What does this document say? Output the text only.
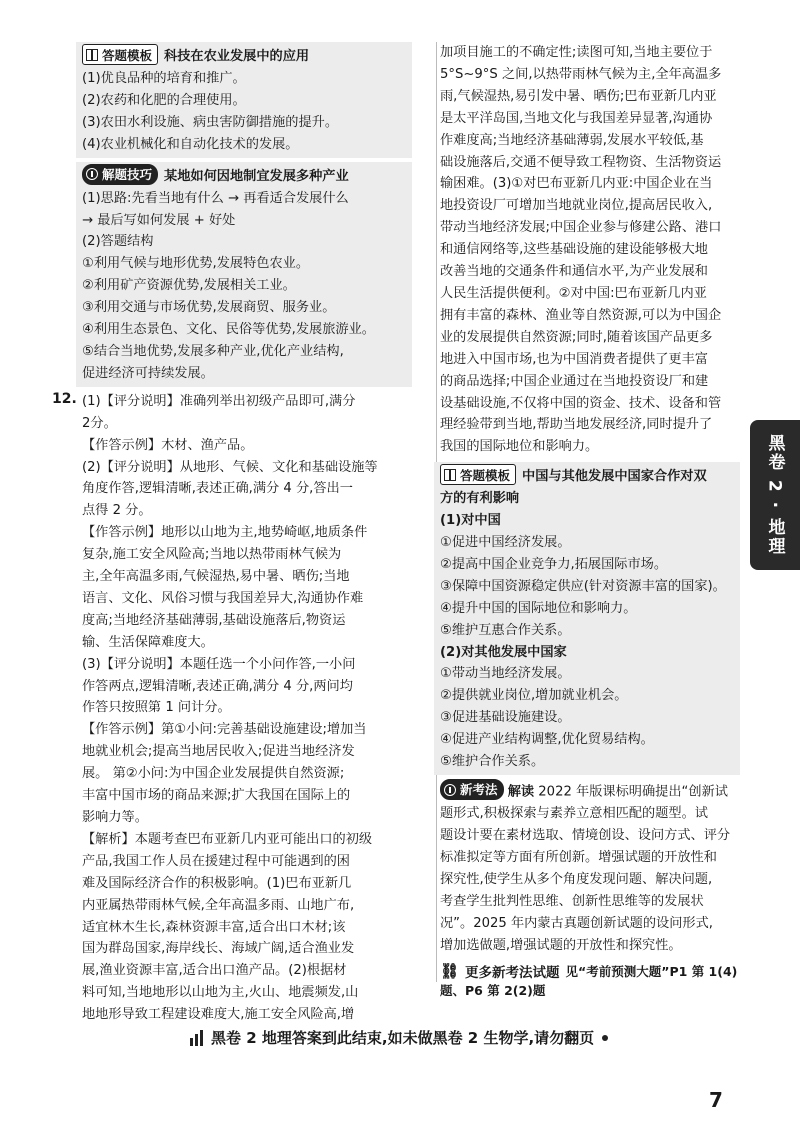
答题模板 科技在农业发展中的应用
(1)优良品种的培育和推广。
(2)农药和化肥的合理使用。
(3)农田水利设施、病虫害防御措施的提升。
(4)农业机械化和自动化技术的发展。
解题技巧 某地如何因地制宜发展多种产业
(1)思路:先看当地有什么 → 再看适合发展什么
→ 最后写如何发展 + 好处
(2)答题结构
①利用气候与地形优势,发展特色农业。
②利用矿产资源优势,发展相关工业。
③利用交通与市场优势,发展商贸、服务业。
④利用生态景色、文化、民俗等优势,发展旅游业。
⑤结合当地优势,发展多种产业,优化产业结构,
促进经济可持续发展。
12. (1)【评分说明】准确列举出初级产品即可,满分
2分。
【作答示例】木材、渔产品。
(2)【评分说明】从地形、气候、文化和基础设施等
角度作答,逻辑清晰,表述正确,满分 4 分,答出一
点得 2 分。
【作答示例】地形以山地为主,地势崎岖,地质条件
复杂,施工安全风险高;当地以热带雨林气候为
主,全年高温多雨,气候湿热,易中暑、晒伤;当地
语言、文化、风俗习惯与我国差异大,沟通协作难
度高;当地经济基础薄弱,基础设施落后,物资运
输、生活保障难度大。
(3)【评分说明】本题任选一个小问作答,一小问
作答两点,逻辑清晰,表述正确,满分 4 分,两问均
作答只按照第 1 问计分。
【作答示例】第①小问:完善基础设施建设;增加当
地就业机会;提高当地居民收入;促进当地经济发
展。 第②小问:为中国企业发展提供自然资源;
丰富中国市场的商品来源;扩大我国在国际上的
影响力等。
【解析】本题考查巴布亚新几内亚可能出口的初级
产品,我国工作人员在援建过程中可能遇到的困
难及国际经济合作的积极影响。(1)巴布亚新几
内亚属热带雨林气候,全年高温多雨、山地广布,
适宜林木生长,森林资源丰富,适合出口木材;该
国为群岛国家,海岸线长、海域广阔,适合渔业发
展,渔业资源丰富,适合出口渔产品。(2)根据材
料可知,当地地形以山地为主,火山、地震频发,山
地地形导致工程建设难度大,施工安全风险高,增
加项目施工的不确定性;读图可知,当地主要位于
5°S~9°S 之间,以热带雨林气候为主,全年高温多
雨,气候湿热,易引发中暑、晒伤;巴布亚新几内亚
是太平洋岛国,当地文化与我国差异显著,沟通协
作难度高;当地经济基础薄弱,发展水平较低,基
础设施落后,交通不便导致工程物资、生活物资运
输困难。(3)①对巴布亚新几内亚:中国企业在当
地投资设厂可增加当地就业岗位,提高居民收入,
带动当地经济发展;中国企业参与修建公路、港口
和通信网络等,这些基础设施的建设能够极大地
改善当地的交通条件和通信水平,为产业发展和
人民生活提供便利。②对中国:巴布亚新几内亚
拥有丰富的森林、渔业等自然资源,可以为中国企
业的发展提供自然资源;同时,随着该国产品更多
地进入中国市场,也为中国消费者提供了更丰富
的商品选择;中国企业通过在当地投资设厂和建
设基础设施,不仅将中国的资金、技术、设备和管
理经验带到当地,帮助当地发展经济,同时提升了
我国的国际地位和影响力。
答题模板 中国与其他发展中国家合作对双
方的有利影响
(1)对中国
①促进中国经济发展。
②提高中国企业竞争力,拓展国际市场。
③保障中国资源稳定供应(针对资源丰富的国家)。
④提升中国的国际地位和影响力。
⑤维护互惠合作关系。
(2)对其他发展中国家
①带动当地经济发展。
②提供就业岗位,增加就业机会。
③促进基础设施建设。
④促进产业结构调整,优化贸易结构。
⑤维护合作关系。
新考法 解读 2022 年版课标明确提出“创新试
题形式,积极探索与素养立意相匹配的题型。试
题设计要在素材选取、情境创设、设问方式、评分
标准拟定等方面有所创新。增强试题的开放性和
探究性,使学生从多个角度发现问题、解决问题,
考查学生批判性思维、创新性思维等的发展状
况”。2025 年内蒙古真题创新试题的设问形式,
增加选做题,增强试题的开放性和探究性。
⛓ 更多新考法试题 见“考前预测大题”P1 第 1(4)
题、P6 第 2(2)题
黑卷 2 · 地理
黑卷 2 地理答案到此结束,如未做黑卷 2 生物学,请勿翻页
7
